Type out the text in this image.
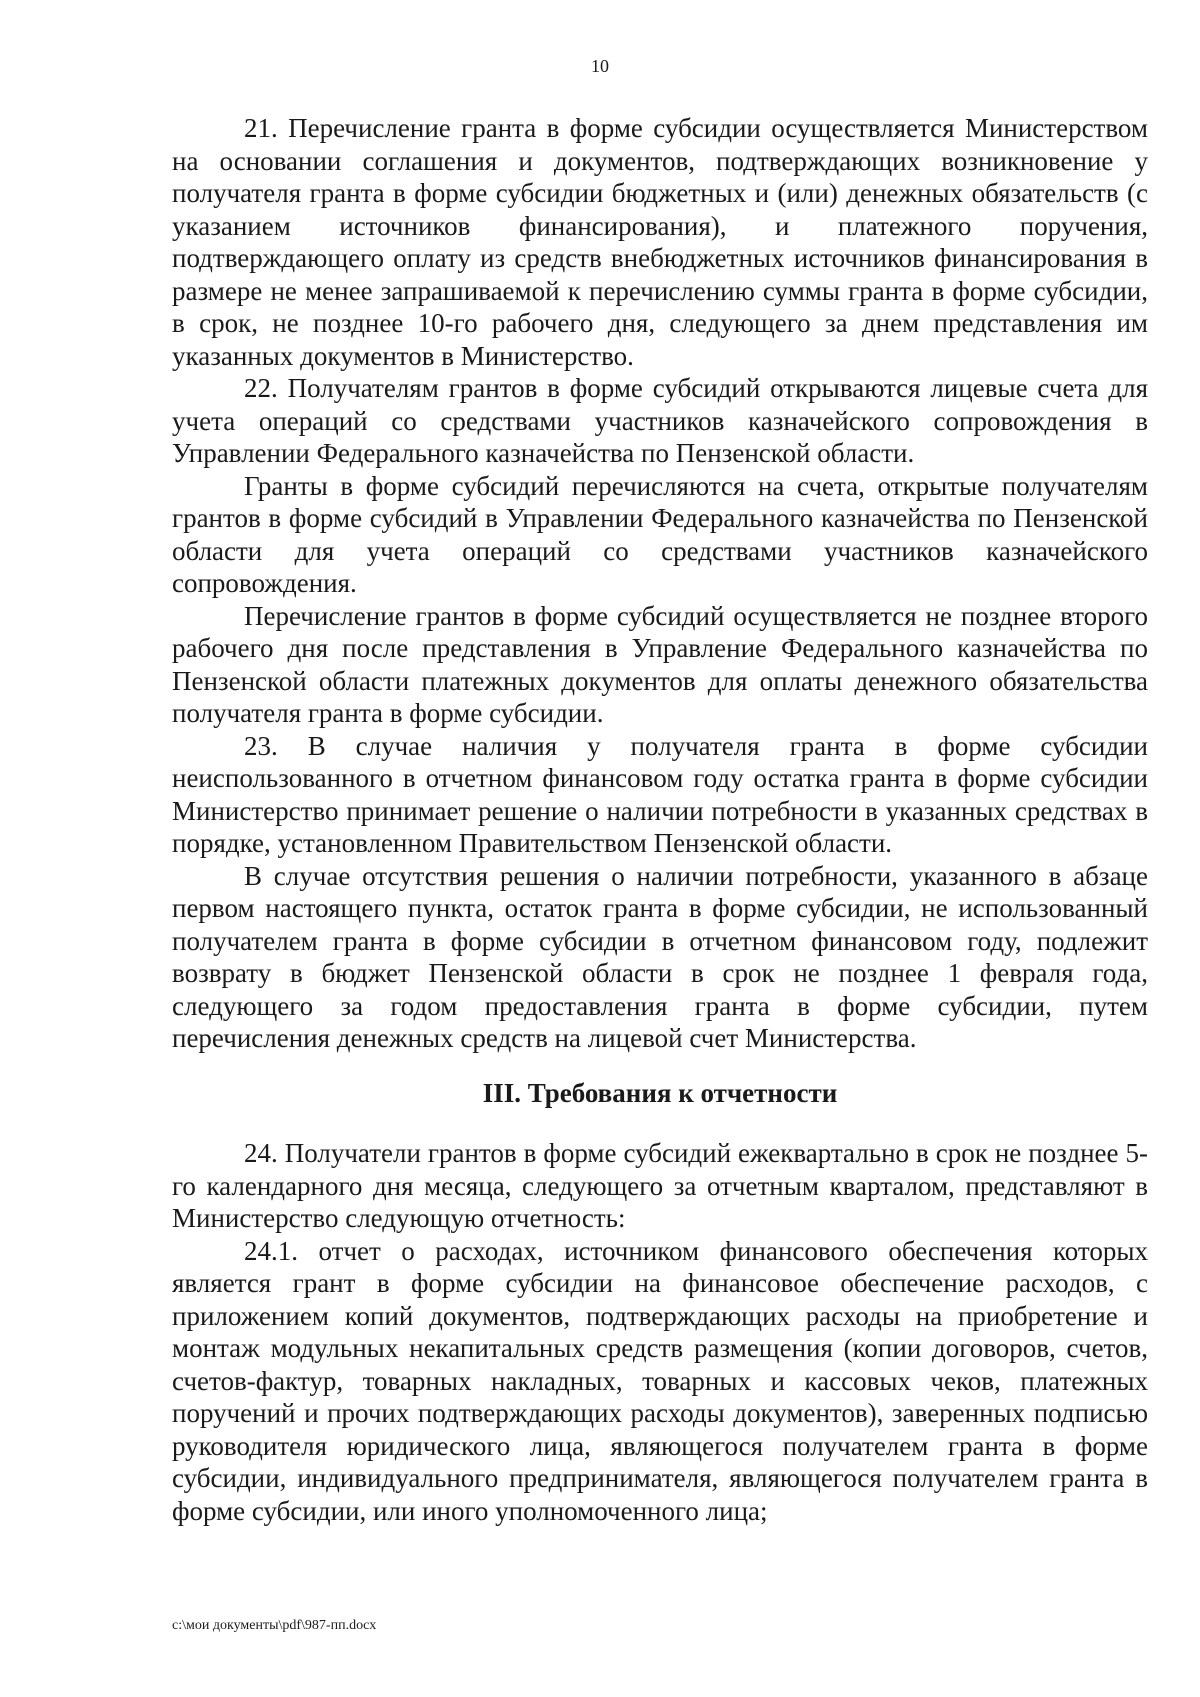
10

21. Перечисление гранта в форме субсидии осуществляется Министерством на основании соглашения и документов, подтверждающих возникновение у получателя гранта в форме субсидии бюджетных и (или) денежных обязательств (с указанием источников финансирования), и платежного поручения, подтверждающего оплату из средств внебюджетных источников финансирования в размере не менее запрашиваемой к перечислению суммы гранта в форме субсидии, в срок, не позднее 10-го рабочего дня, следующего за днем представления им указанных документов в Министерство.

22. Получателям грантов в форме субсидий открываются лицевые счета для учета операций со средствами участников казначейского сопровождения в Управлении Федерального казначейства по Пензенской области.

Гранты в форме субсидий перечисляются на счета, открытые получателям грантов в форме субсидий в Управлении Федерального казначейства по Пензенской области для учета операций со средствами участников казначейского сопровождения.

Перечисление грантов в форме субсидий осуществляется не позднее второго рабочего дня после представления в Управление Федерального казначейства по Пензенской области платежных документов для оплаты денежного обязательства получателя гранта в форме субсидии.

23. В случае наличия у получателя гранта в форме субсидии неиспользованного в отчетном финансовом году остатка гранта в форме субсидии Министерство принимает решение о наличии потребности в указанных средствах в порядке, установленном Правительством Пензенской области.

В случае отсутствия решения о наличии потребности, указанного в абзаце первом настоящего пункта, остаток гранта в форме субсидии, не использованный получателем гранта в форме субсидии в отчетном финансовом году, подлежит возврату в бюджет Пензенской области в срок не позднее 1 февраля года, следующего за годом предоставления гранта в форме субсидии, путем перечисления денежных средств на лицевой счет Министерства.

III. Требования к отчетности

24. Получатели грантов в форме субсидий ежеквартально в срок не позднее 5-го календарного дня месяца, следующего за отчетным кварталом, представляют в Министерство следующую отчетность:

24.1. отчет о расходах, источником финансового обеспечения которых является грант в форме субсидии на финансовое обеспечение расходов, с приложением копий документов, подтверждающих расходы на приобретение и монтаж модульных некапитальных средств размещения (копии договоров, счетов, счетов-фактур, товарных накладных, товарных и кассовых чеков, платежных поручений и прочих подтверждающих расходы документов), заверенных подписью руководителя юридического лица, являющегося получателем гранта в форме субсидии, индивидуального предпринимателя, являющегося получателем гранта в форме субсидии, или иного уполномоченного лица;

c:\мои документы\pdf\987-пп.docx
